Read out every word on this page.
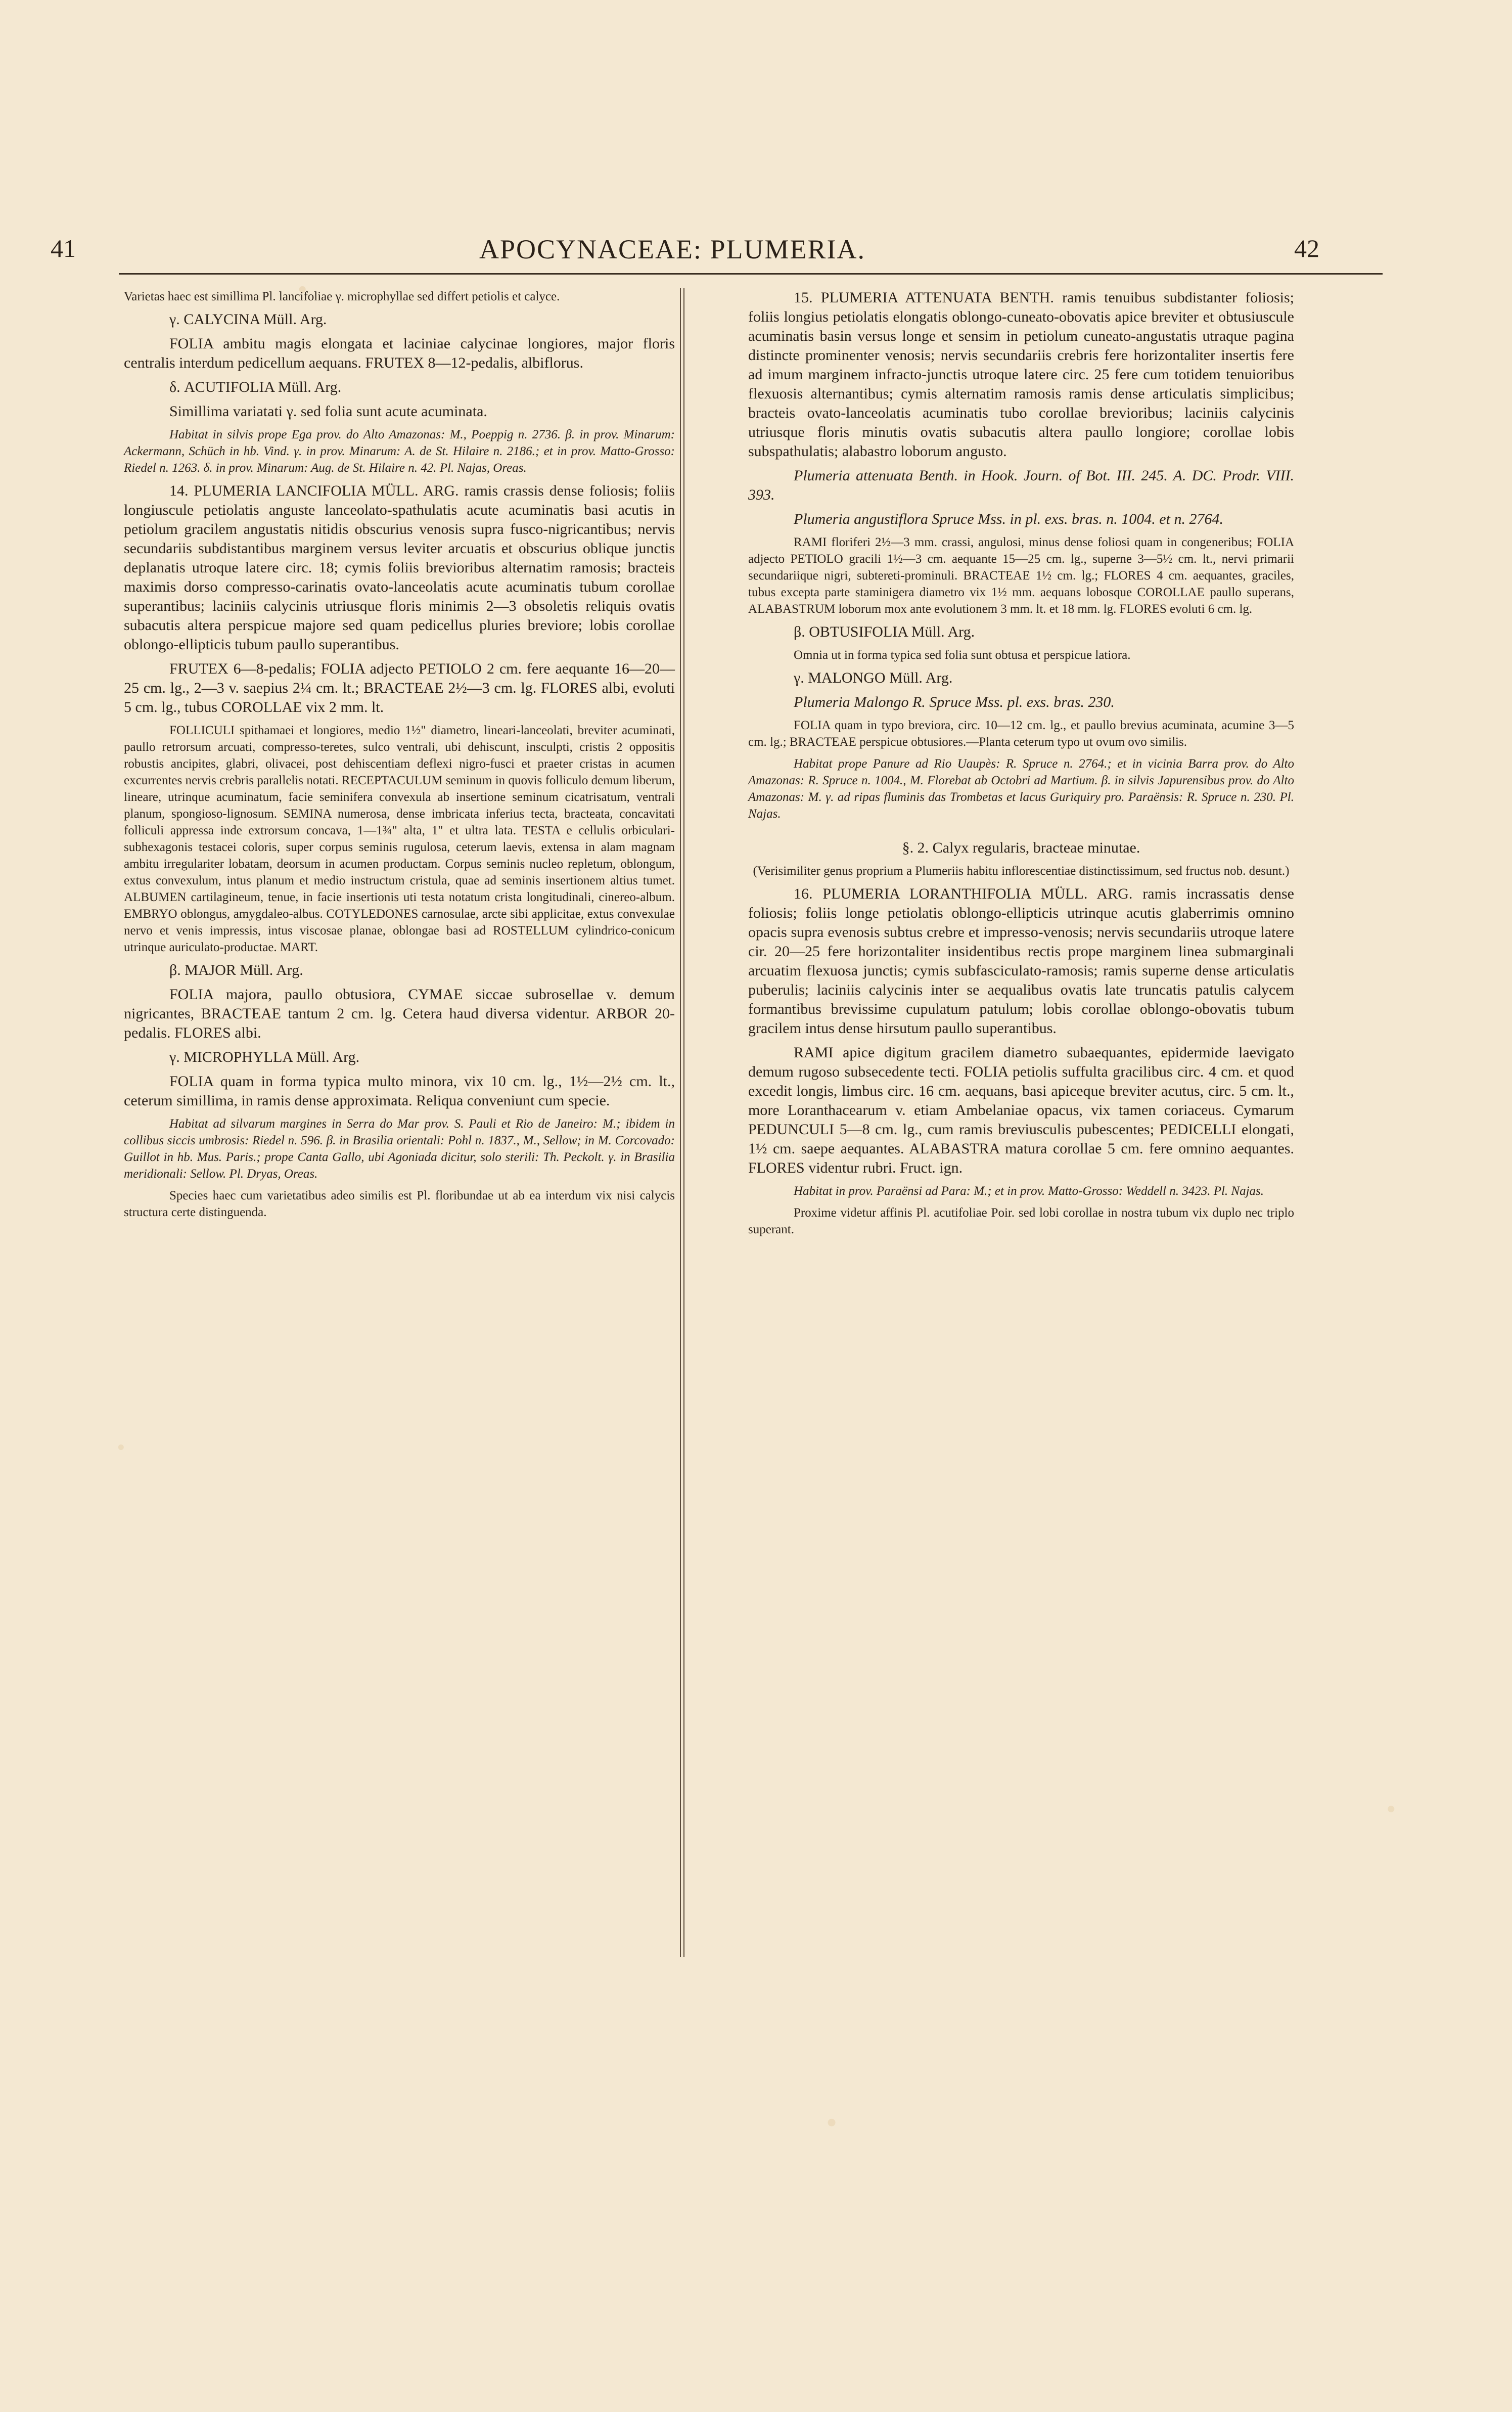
41	APOCYNACEAE: PLUMERIA.	42

Varietas haec est simillima Pl. lancifoliae γ. microphyllae sed differt petiolis et calyce.

γ. CALYCINA Müll. Arg.

FOLIA ambitu magis elongata et laciniae calycinae longiores, major floris centralis interdum pedicellum aequans. FRUTEX 8—12-pedalis, albiflorus.

δ. ACUTIFOLIA Müll. Arg.

Simillima variatati γ. sed folia sunt acute acuminata.

Habitat in silvis prope Ega prov. do Alto Amazonas: M., Poeppig n. 2736. β. in prov. Minarum: Ackermann, Schüch in hb. Vind. γ. in prov. Minarum: A. de St. Hilaire n. 2186.; et in prov. Matto-Grosso: Riedel n. 1263. δ. in prov. Minarum: Aug. de St. Hilaire n. 42. Pl. Najas, Oreas.

14. PLUMERIA LANCIFOLIA MÜLL. ARG. ramis crassis dense foliosis; foliis longiuscule petiolatis anguste lanceolato-spathulatis acute acuminatis basi acutis in petiolum gracilem angustatis nitidis obscurius venosis supra fusco-nigricantibus; nervis secundariis subdistantibus marginem versus leviter arcuatis et obscurius oblique junctis deplanatis utroque latere circ. 18; cymis foliis brevioribus alternatim ramosis; bracteis maximis dorso compresso-carinatis ovato-lanceolatis acute acuminatis tubum corollae superantibus; laciniis calycinis utriusque floris minimis 2—3 obsoletis reliquis ovatis subacutis altera perspicue majore sed quam pedicellus pluries breviore; lobis corollae oblongo-ellipticis tubum paullo superantibus.

FRUTEX 6—8-pedalis; FOLIA adjecto PETIOLO 2 cm. fere aequante 16—20—25 cm. lg., 2—3 v. saepius 2¼ cm. lt.; BRACTEAE 2½—3 cm. lg. FLORES albi, evoluti 5 cm. lg., tubus COROLLAE vix 2 mm. lt.

FOLLICULI spithamaei et longiores, medio 1½" diametro, lineari-lanceolati, breviter acuminati, paullo retrorsum arcuati, compresso-teretes, sulco ventrali, ubi dehiscunt, insculpti, cristis 2 oppositis robustis ancipites, glabri, olivacei, post dehiscentiam deflexi nigro-fusci et praeter cristas in acumen excurrentes nervis crebris parallelis notati. RECEPTACULUM seminum in quovis folliculo demum liberum, lineare, utrinque acuminatum, facie seminifera convexula ab insertione seminum cicatrisatum, ventrali planum, spongioso-lignosum. SEMINA numerosa, dense imbricata inferius tecta, bracteata, concavitati folliculi appressa inde extrorsum concava, 1—1¾" alta, 1" et ultra lata. TESTA e cellulis orbiculari-subhexagonis testacei coloris, super corpus seminis rugulosa, ceterum laevis, extensa in alam magnam ambitu irregulariter lobatam, deorsum in acumen productam. Corpus seminis nucleo repletum, oblongum, extus convexulum, intus planum et medio instructum cristula, quae ad seminis insertionem altius tumet. ALBUMEN cartilagineum, tenue, in facie insertionis uti testa notatum crista longitudinali, cinereo-album. EMBRYO oblongus, amygdaleo-albus. COTYLEDONES carnosulae, arcte sibi applicitae, extus convexulae nervo et venis impressis, intus viscosae planae, oblongae basi ad ROSTELLUM cylindrico-conicum utrinque auriculato-productae. MART.

β. MAJOR Müll. Arg.

FOLIA majora, paullo obtusiora, CYMAE siccae subrosellae v. demum nigricantes, BRACTEAE tantum 2 cm. lg. Cetera haud diversa videntur. ARBOR 20-pedalis. FLORES albi.

γ. MICROPHYLLA Müll. Arg.

FOLIA quam in forma typica multo minora, vix 10 cm. lg., 1½—2½ cm. lt., ceterum simillima, in ramis dense approximata. Reliqua conveniunt cum specie.

Habitat ad silvarum margines in Serra do Mar prov. S. Pauli et Rio de Janeiro: M.; ibidem in collibus siccis umbrosis: Riedel n. 596. β. in Brasilia orientali: Pohl n. 1837., M., Sellow; in M. Corcovado: Guillot in hb. Mus. Paris.; prope Canta Gallo, ubi Agoniada dicitur, solo sterili: Th. Peckolt. γ. in Brasilia meridionali: Sellow. Pl. Dryas, Oreas.

Species haec cum varietatibus adeo similis est Pl. floribundae ut ab ea interdum vix nisi calycis structura certe distinguenda.

15. PLUMERIA ATTENUATA BENTH. ramis tenuibus subdistanter foliosis; foliis longius petiolatis elongatis oblongo-cuneato-obovatis apice breviter et obtusiuscule acuminatis basin versus longe et sensim in petiolum cuneato-angustatis utraque pagina distincte prominenter venosis; nervis secundariis crebris fere horizontaliter insertis fere ad imum marginem infracto-junctis utroque latere circ. 25 fere cum totidem tenuioribus flexuosis alternantibus; cymis alternatim ramosis ramis dense articulatis simplicibus; bracteis ovato-lanceolatis acuminatis tubo corollae brevioribus; laciniis calycinis utriusque floris minutis ovatis subacutis altera paullo longiore; corollae lobis subspathulatis; alabastro loborum angusto.

Plumeria attenuata Benth. in Hook. Journ. of Bot. III. 245. A. DC. Prodr. VIII. 393.

Plumeria angustiflora Spruce Mss. in pl. exs. bras. n. 1004. et n. 2764.

RAMI floriferi 2½—3 mm. crassi, angulosi, minus dense foliosi quam in congeneribus; FOLIA adjecto PETIOLO gracili 1½—3 cm. aequante 15—25 cm. lg., superne 3—5½ cm. lt., nervi primarii secundariique nigri, subtereti-prominuli. BRACTEAE 1½ cm. lg.; FLORES 4 cm. aequantes, graciles, tubus excepta parte staminigera diametro vix 1½ mm. aequans lobosque COROLLAE paullo superans, ALABASTRUM loborum mox ante evolutionem 3 mm. lt. et 18 mm. lg. FLORES evoluti 6 cm. lg.

β. OBTUSIFOLIA Müll. Arg.

Omnia ut in forma typica sed folia sunt obtusa et perspicue latiora.

γ. MALONGO Müll. Arg.

Plumeria Malongo R. Spruce Mss. pl. exs. bras. 230.

FOLIA quam in typo breviora, circ. 10—12 cm. lg., et paullo brevius acuminata, acumine 3—5 cm. lg.; BRACTEAE perspicue obtusiores.—Planta ceterum typo ut ovum ovo similis.

Habitat prope Panure ad Rio Uaupès: R. Spruce n. 2764.; et in vicinia Barra prov. do Alto Amazonas: R. Spruce n. 1004., M. Florebat ab Octobri ad Martium. β. in silvis Japurensibus prov. do Alto Amazonas: M. γ. ad ripas fluminis das Trombetas et lacus Guriquiry pro. Paraënsis: R. Spruce n. 230. Pl. Najas.

§. 2. Calyx regularis, bracteae minutae.

(Verisimiliter genus proprium a Plumeriis habitu inflorescentiae distinctissimum, sed fructus nob. desunt.)

16. PLUMERIA LORANTHIFOLIA MÜLL. ARG. ramis incrassatis dense foliosis; foliis longe petiolatis oblongo-ellipticis utrinque acutis glaberrimis omnino opacis supra evenosis subtus crebre et impresso-venosis; nervis secundariis utroque latere cir. 20—25 fere horizontaliter insidentibus rectis prope marginem linea submarginali arcuatim flexuosa junctis; cymis subfasciculato-ramosis; ramis superne dense articulatis puberulis; laciniis calycinis inter se aequalibus ovatis late truncatis patulis calycem formantibus brevissime cupulatum patulum; lobis corollae oblongo-obovatis tubum gracilem intus dense hirsutum paullo superantibus.

RAMI apice digitum gracilem diametro subaequantes, epidermide laevigato demum rugoso subsecedente tecti. FOLIA petiolis suffulta gracilibus circ. 4 cm. et quod excedit longis, limbus circ. 16 cm. aequans, basi apiceque breviter acutus, circ. 5 cm. lt., more Loranthacearum v. etiam Ambelaniae opacus, vix tamen coriaceus. Cymarum PEDUNCULI 5—8 cm. lg., cum ramis breviusculis pubescentes; PEDICELLI elongati, 1½ cm. saepe aequantes. ALABASTRA matura corollae 5 cm. fere omnino aequantes. FLORES videntur rubri. Fruct. ign.

Habitat in prov. Paraënsi ad Para: M.; et in prov. Matto-Grosso: Weddell n. 3423. Pl. Najas.

Proxime videtur affinis Pl. acutifoliae Poir. sed lobi corollae in nostra tubum vix duplo nec triplo superant.
